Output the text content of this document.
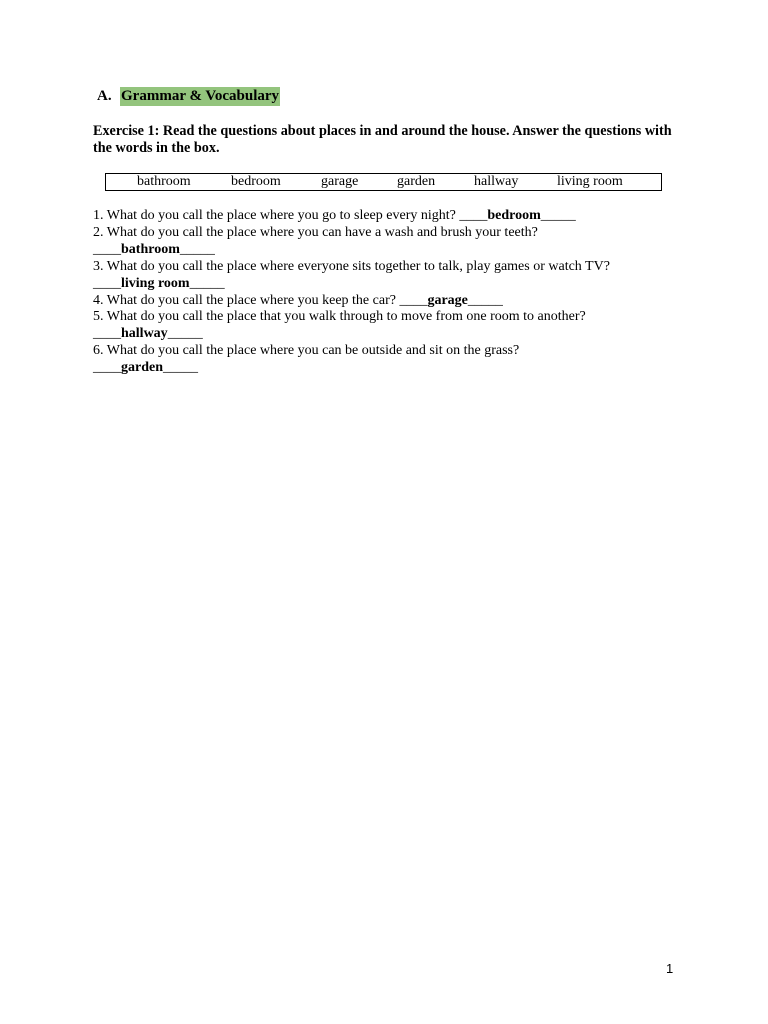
A. Grammar & Vocabulary
Exercise 1: Read the questions about places in and around the house. Answer the questions with the words in the box.
bathroom	bedroom	garage	garden	hallway	living room
1. What do you call the place where you go to sleep every night? ____bedroom_____
2. What do you call the place where you can have a wash and brush your teeth?
____bathroom_____
3. What do you call the place where everyone sits together to talk, play games or watch TV?
____living room_____
4. What do you call the place where you keep the car? ____garage_____
5. What do you call the place that you walk through to move from one room to another?
____hallway_____
6. What do you call the place where you can be outside and sit on the grass?
____garden_____
1
